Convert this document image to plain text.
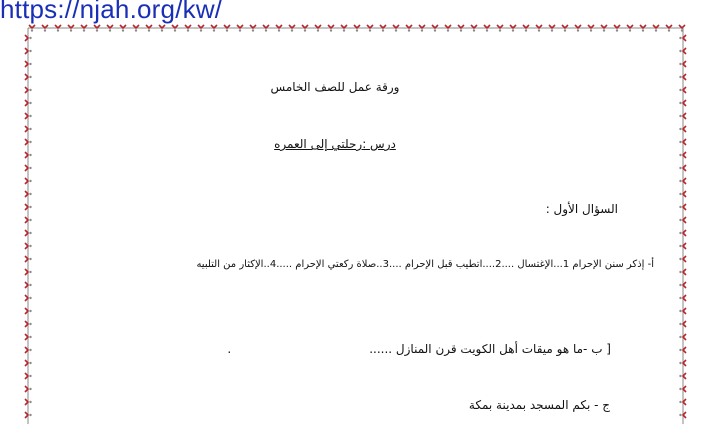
https://njah.org/kw/
ورقة عمل للصف الخامس
درس :رحلتي إلى العمره
السؤال الأول :
أ- إذكر سنن الإحرام 1...الإغتسال ....2....اتطيب قبل الإحرام ....3..صلاة ركعتي الإحرام .....4..الإكثار من التلبيه
[ ب -ما هو ميقات أهل الكويت قرن المنازل .......
ج - بكم المسجد بمدينة بمكة
